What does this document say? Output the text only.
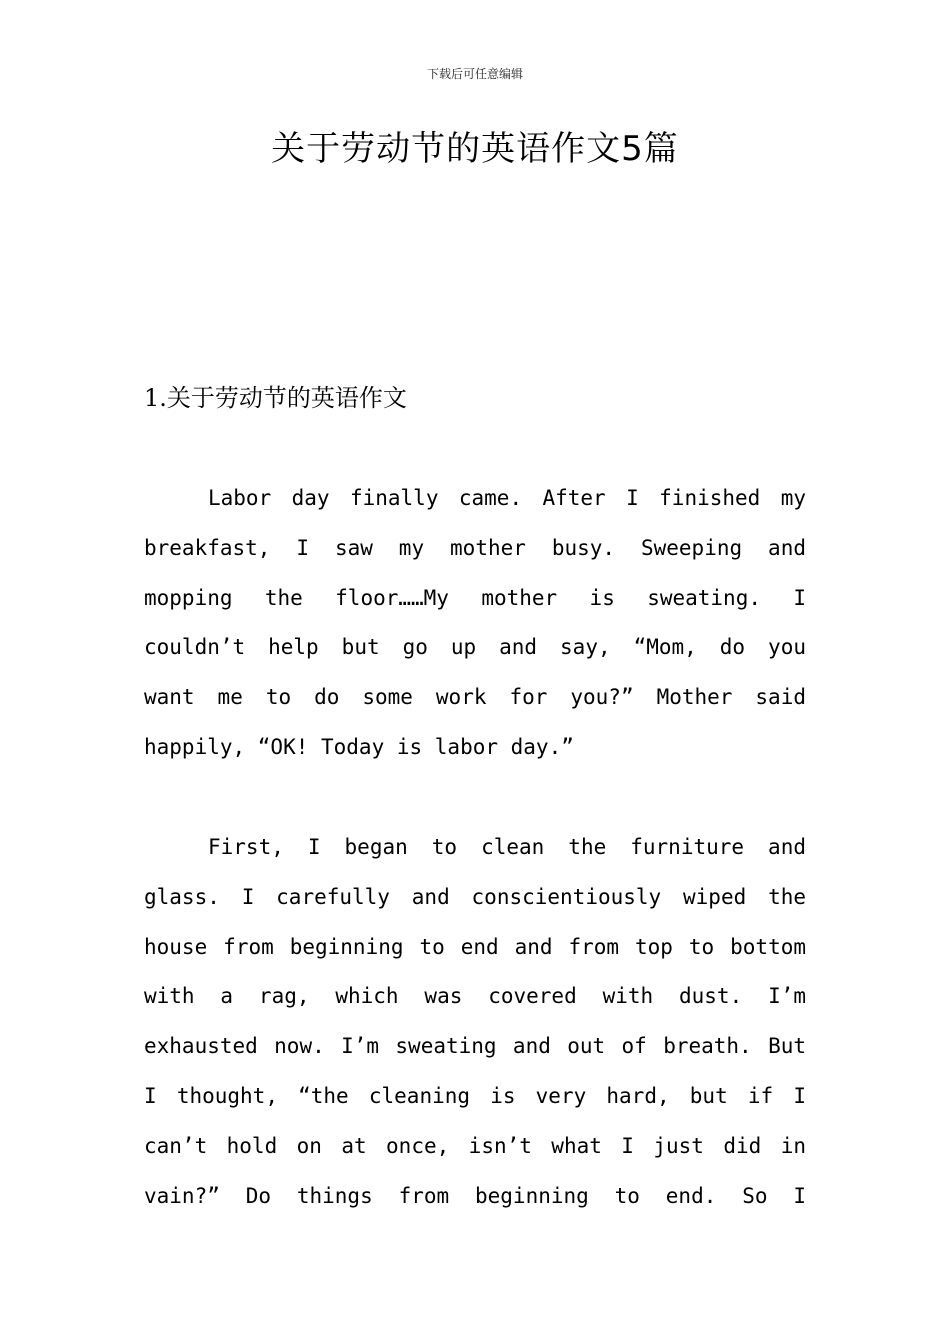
下载后可任意编辑
关于劳动节的英语作文5篇
1.关于劳动节的英语作文
Labor day finally came. After I finished my
breakfast, I saw my mother busy. Sweeping and
mopping the floor……My mother is sweating. I
couldn’t help but go up and say, “Mom, do you
want me to do some work for you?” Mother said
happily, “OK! Today is labor day.”
First, I began to clean the furniture and
glass. I carefully and conscientiously wiped the
house from beginning to end and from top to bottom
with a rag, which was covered with dust. I’m
exhausted now. I’m sweating and out of breath. But
I thought, “the cleaning is very hard, but if I
can’t hold on at once, isn’t what I just did in
vain?” Do things from beginning to end. So I
